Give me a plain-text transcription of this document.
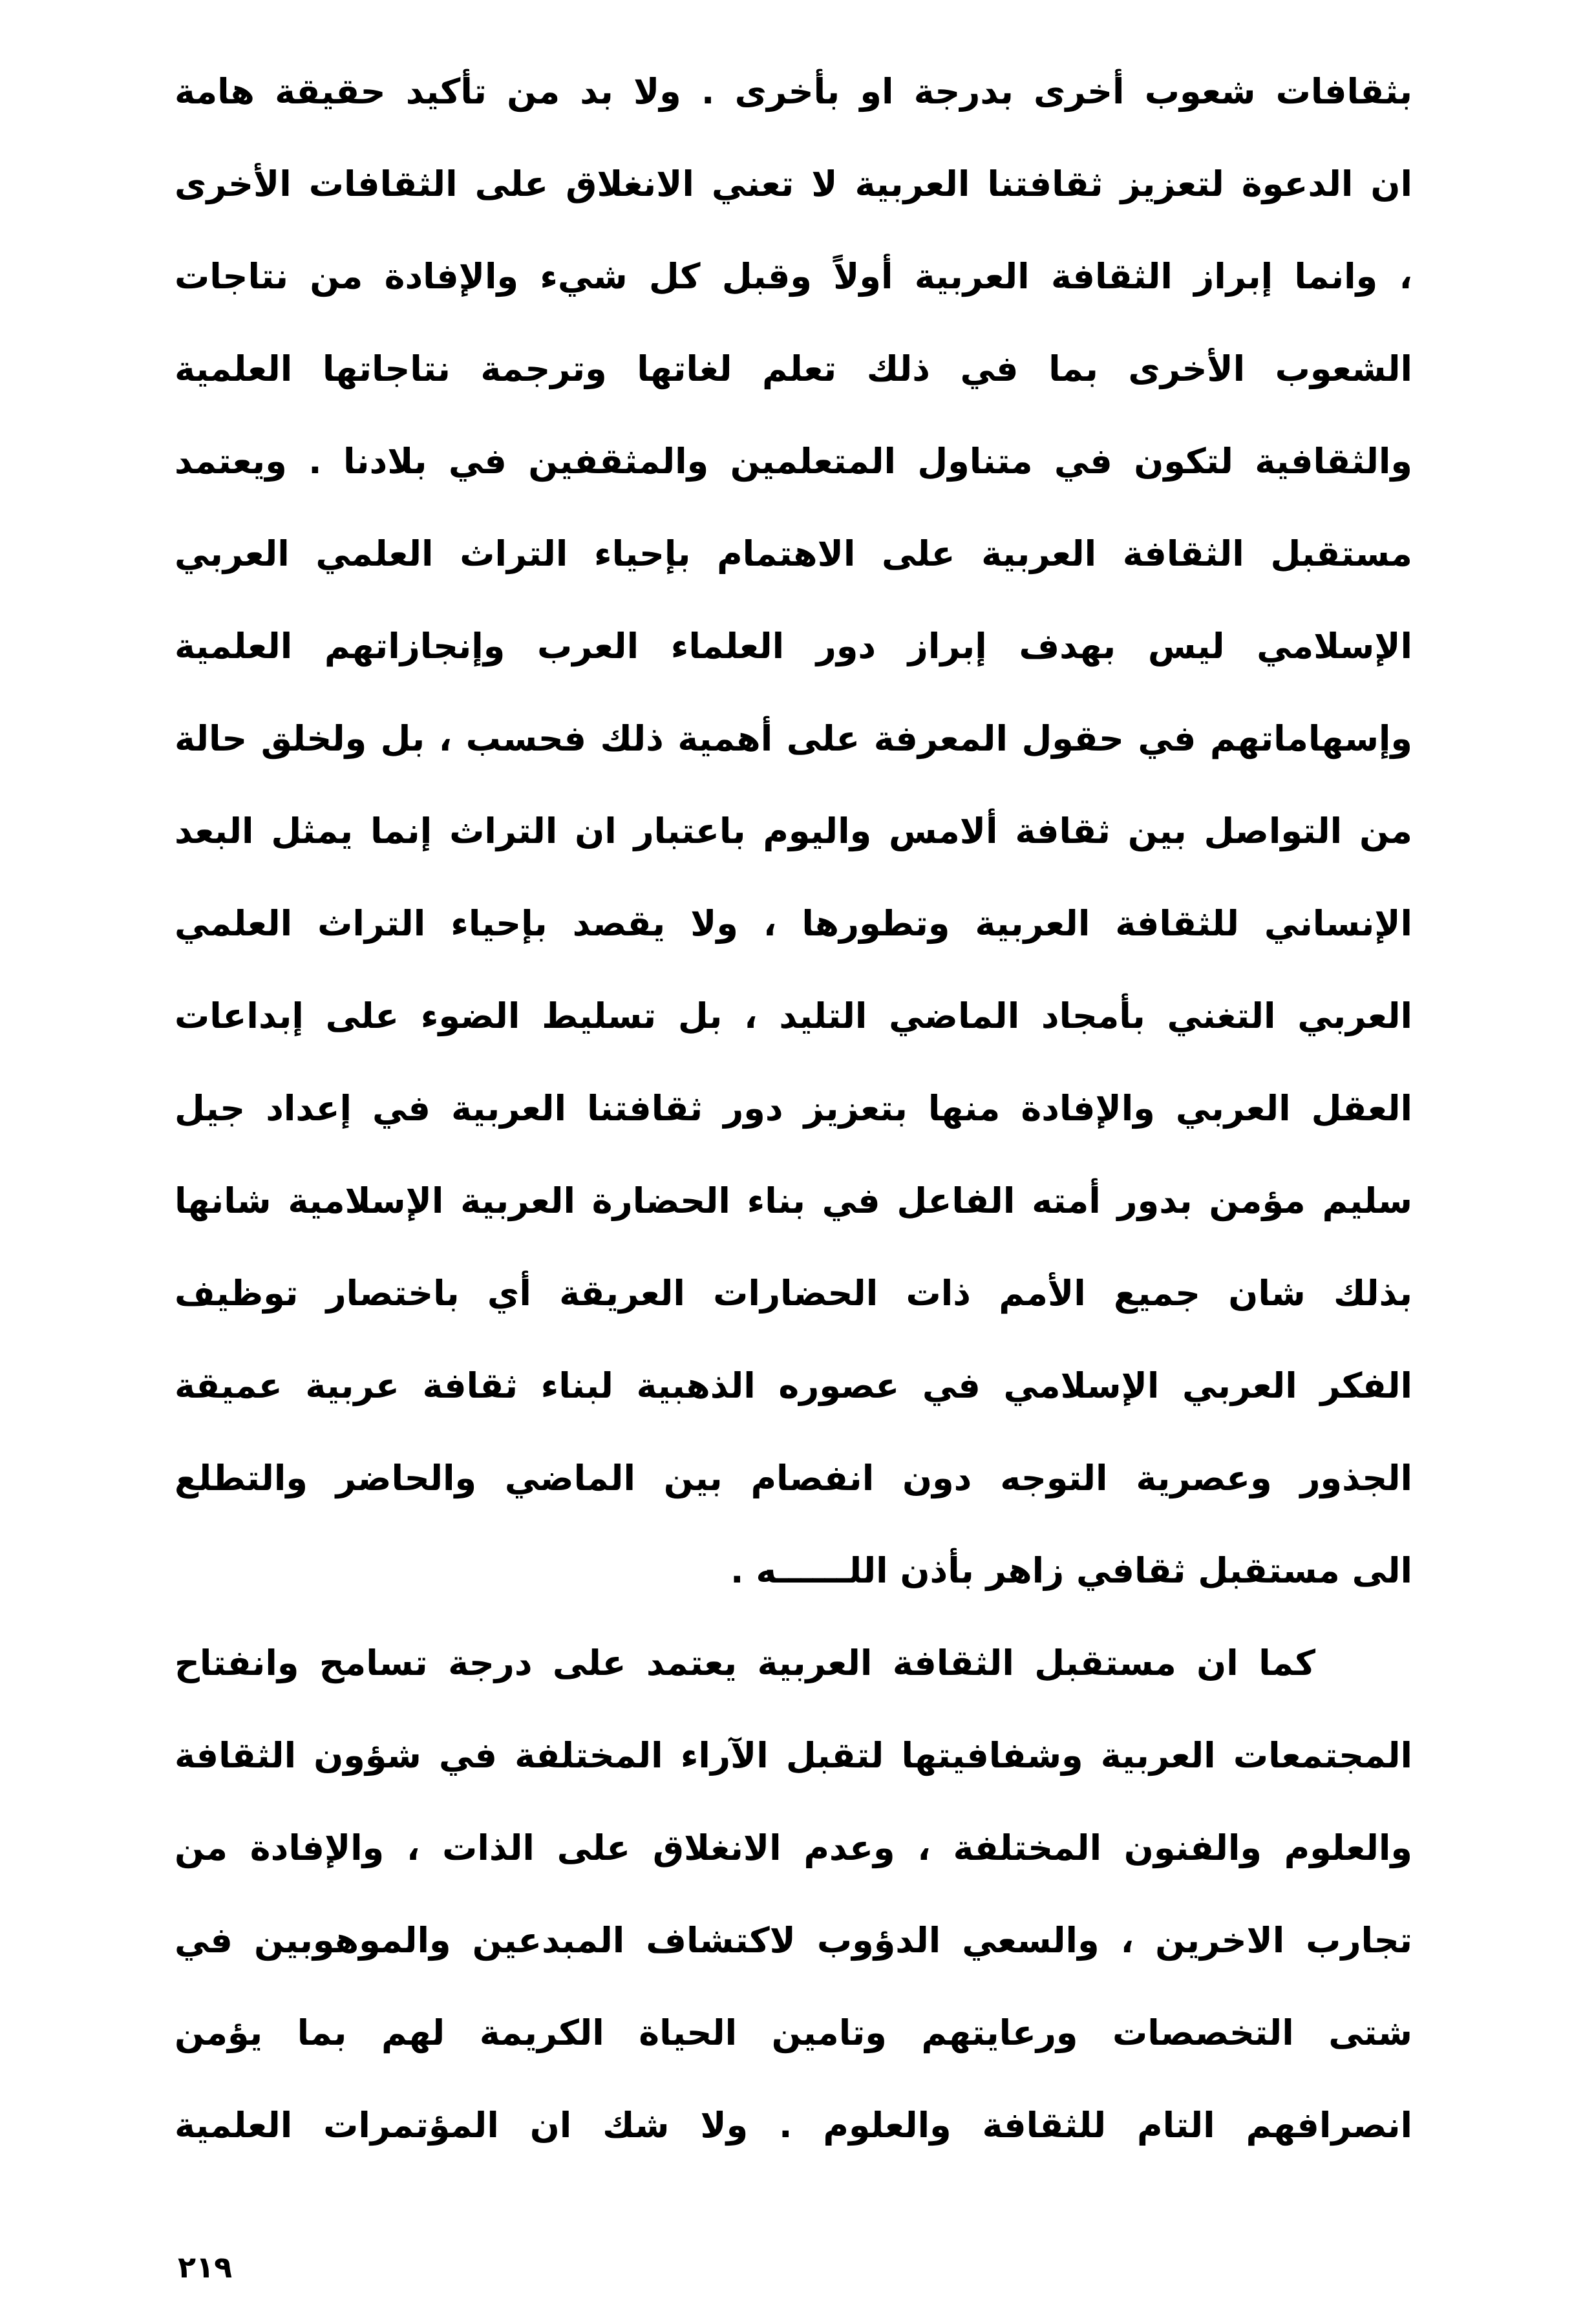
بثقافات شعوب أخرى بدرجة او بأخرى . ولا بد من تأكيد حقيقة هامة
ان الدعوة لتعزيز ثقافتنا العربية لا تعني الانغلاق على الثقافات الأخرى
، وانما إبراز الثقافة العربية أولاً وقبل كل شيء والإفادة من نتاجات
الشعوب الأخرى بما في ذلك تعلم لغاتها وترجمة نتاجاتها العلمية
والثقافية لتكون في متناول المتعلمين والمثقفين في بلادنا . ويعتمد
مستقبل الثقافة العربية على الاهتمام بإحياء التراث العلمي العربي
الإسلامي ليس بهدف إبراز دور العلماء العرب وإنجازاتهم العلمية
وإسهاماتهم في حقول المعرفة على أهمية ذلك فحسب ، بل ولخلق حالة
من التواصل بين ثقافة ألامس واليوم باعتبار ان التراث إنما يمثل البعد
الإنساني للثقافة العربية وتطورها ، ولا يقصد بإحياء التراث العلمي
العربي التغني بأمجاد الماضي التليد ، بل تسليط الضوء على إبداعات
العقل العربي والإفادة منها بتعزيز دور ثقافتنا العربية في إعداد جيل
سليم مؤمن بدور أمته الفاعل في بناء الحضارة العربية الإسلامية شانها
بذلك شان جميع الأمم ذات الحضارات العريقة أي باختصار توظيف
الفكر العربي الإسلامي في عصوره الذهبية لبناء ثقافة عربية عميقة
الجذور وعصرية التوجه دون انفصام بين الماضي والحاضر والتطلع
الى مستقبل ثقافي زاهر بأذن اللــــــه .
كما ان مستقبل الثقافة العربية يعتمد على درجة تسامح وانفتاح
المجتمعات العربية وشفافيتها لتقبل الآراء المختلفة في شؤون الثقافة
والعلوم والفنون المختلفة ، وعدم الانغلاق على الذات ، والإفادة من
تجارب الاخرين ، والسعي الدؤوب لاكتشاف المبدعين والموهوبين في
شتى التخصصات ورعايتهم وتامين الحياة الكريمة لهم بما يؤمن
انصرافهم التام للثقافة والعلوم . ولا شك ان المؤتمرات العلمية
٢١٩
